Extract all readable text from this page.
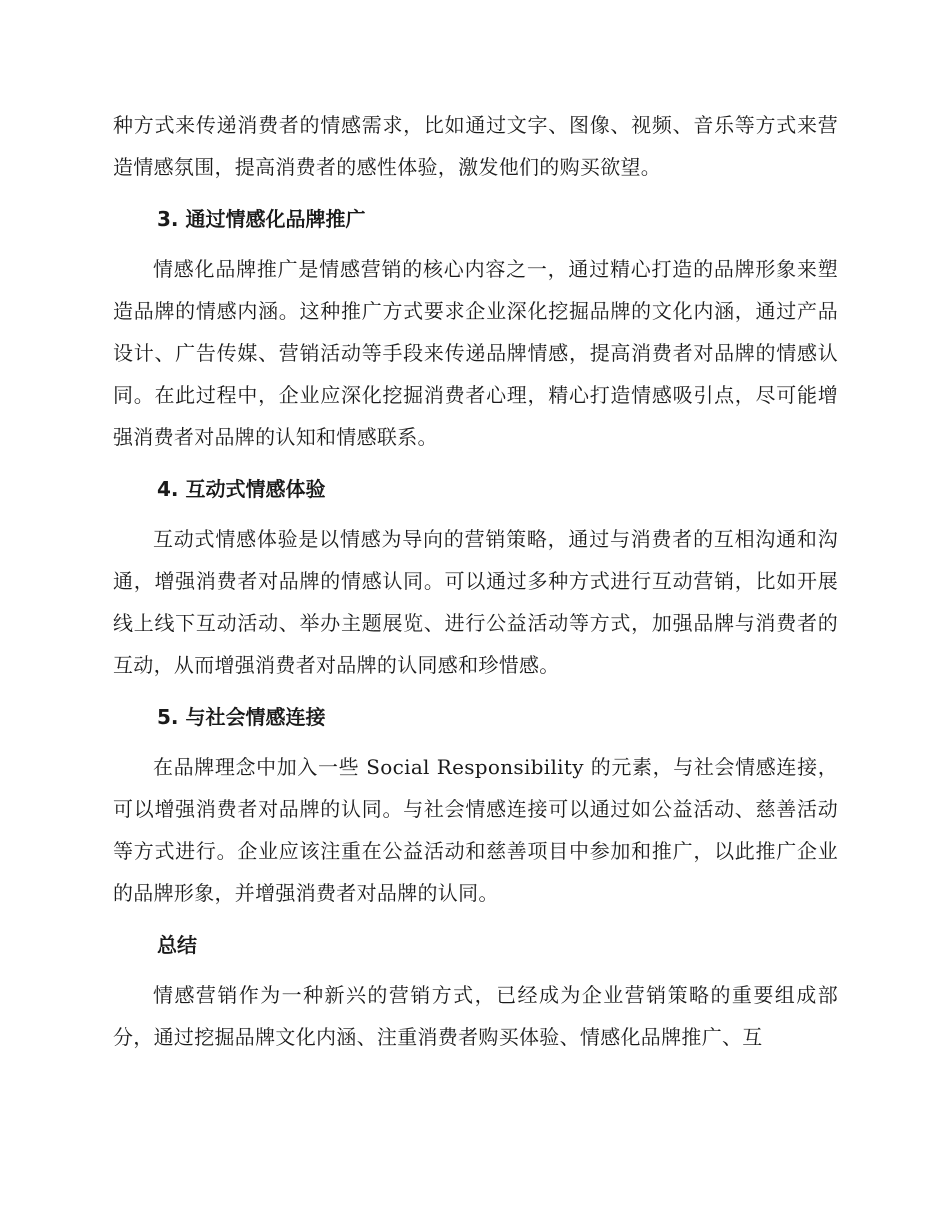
种方式来传递消费者的情感需求，比如通过文字、图像、视频、音乐等方式来营造情感氛围，提高消费者的感性体验，激发他们的购买欲望。

3. 通过情感化品牌推广

情感化品牌推广是情感营销的核心内容之一，通过精心打造的品牌形象来塑造品牌的情感内涵。这种推广方式要求企业深化挖掘品牌的文化内涵，通过产品设计、广告传媒、营销活动等手段来传递品牌情感，提高消费者对品牌的情感认同。在此过程中，企业应深化挖掘消费者心理，精心打造情感吸引点，尽可能增强消费者对品牌的认知和情感联系。

4. 互动式情感体验

互动式情感体验是以情感为导向的营销策略，通过与消费者的互相沟通和沟通，增强消费者对品牌的情感认同。可以通过多种方式进行互动营销，比如开展线上线下互动活动、举办主题展览、进行公益活动等方式，加强品牌与消费者的互动，从而增强消费者对品牌的认同感和珍惜感。

5. 与社会情感连接

在品牌理念中加入一些 Social Responsibility 的元素，与社会情感连接，可以增强消费者对品牌的认同。与社会情感连接可以通过如公益活动、慈善活动等方式进行。企业应该注重在公益活动和慈善项目中参加和推广，以此推广企业的品牌形象，并增强消费者对品牌的认同。

总结

情感营销作为一种新兴的营销方式，已经成为企业营销策略的重要组成部分，通过挖掘品牌文化内涵、注重消费者购买体验、情感化品牌推广、互
